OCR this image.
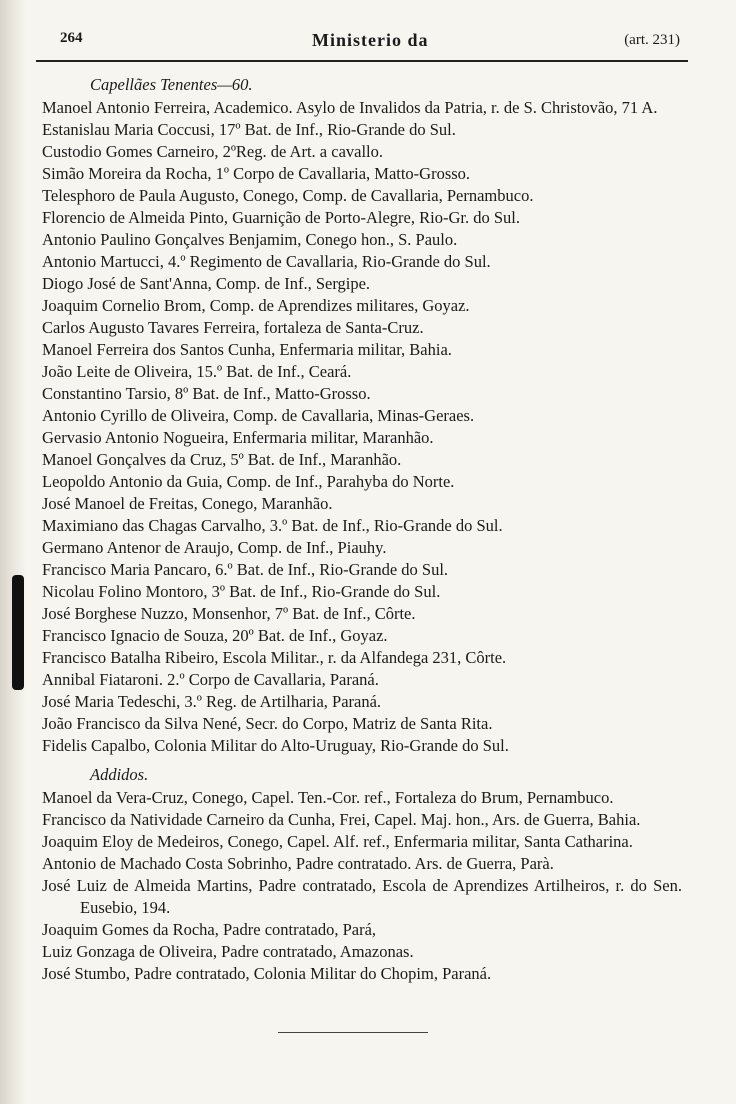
264	Ministerio da	(art. 231)
Capellães Tenentes—60.

Manoel Antonio Ferreira, Academico. Asylo de Invalidos da Patria, r. de S. Christovão, 71 A.

Estanislau Maria Coccusi, 17º Bat. de Inf., Rio-Grande do Sul.

Custodio Gomes Carneiro, 2ºReg. de Art. a cavallo.

Simão Moreira da Rocha, 1º Corpo de Cavallaria, Matto-Grosso.

Telesphoro de Paula Augusto, Conego, Comp. de Cavallaria, Pernambuco.

Florencio de Almeida Pinto, Guarnição de Porto-Alegre, Rio-Gr. do Sul.

Antonio Paulino Gonçalves Benjamim, Conego hon., S. Paulo.

Antonio Martucci, 4.º Regimento de Cavallaria, Rio-Grande do Sul.

Diogo José de Sant'Anna, Comp. de Inf., Sergipe.

Joaquim Cornelio Brom, Comp. de Aprendizes militares, Goyaz.

Carlos Augusto Tavares Ferreira, fortaleza de Santa-Cruz.

Manoel Ferreira dos Santos Cunha, Enfermaria militar, Bahia.

João Leite de Oliveira, 15.º Bat. de Inf., Ceará.

Constantino Tarsio, 8º Bat. de Inf., Matto-Grosso.

Antonio Cyrillo de Oliveira, Comp. de Cavallaria, Minas-Geraes.

Gervasio Antonio Nogueira, Enfermaria militar, Maranhão.

Manoel Gonçalves da Cruz, 5º Bat. de Inf., Maranhão.

Leopoldo Antonio da Guia, Comp. de Inf., Parahyba do Norte.

José Manoel de Freitas, Conego, Maranhão.

Maximiano das Chagas Carvalho, 3.º Bat. de Inf., Rio-Grande do Sul.

Germano Antenor de Araujo, Comp. de Inf., Piauhy.

Francisco Maria Pancaro, 6.º Bat. de Inf., Rio-Grande do Sul.

Nicolau Folino Montoro, 3º Bat. de Inf., Rio-Grande do Sul.

José Borghese Nuzzo, Monsenhor, 7º Bat. de Inf., Côrte.

Francisco Ignacio de Souza, 20º Bat. de Inf., Goyaz.

Francisco Batalha Ribeiro, Escola Militar., r. da Alfandega 231, Côrte.

Annibal Fiataroni. 2.º Corpo de Cavallaria, Paraná.

José Maria Tedeschi, 3.º Reg. de Artilharia, Paraná.

João Francisco da Silva Nené, Secr. do Corpo, Matriz de Santa Rita.

Fidelis Capalbo, Colonia Militar do Alto-Uruguay, Rio-Grande do Sul.

Addidos.

Manoel da Vera-Cruz, Conego, Capel. Ten.-Cor. ref., Fortaleza do Brum, Pernambuco.

Francisco da Natividade Carneiro da Cunha, Frei, Capel. Maj. hon., Ars. de Guerra, Bahia.

Joaquim Eloy de Medeiros, Conego, Capel. Alf. ref., Enfermaria militar, Santa Catharina.

Antonio de Machado Costa Sobrinho, Padre contratado. Ars. de Guerra, Parà.

José Luiz de Almeida Martins, Padre contratado, Escola de Aprendizes Artilheiros, r. do Sen. Eusebio, 194.

Joaquim Gomes da Rocha, Padre contratado, Pará,

Luiz Gonzaga de Oliveira, Padre contratado, Amazonas.

José Stumbo, Padre contratado, Colonia Militar do Chopim, Paraná.
